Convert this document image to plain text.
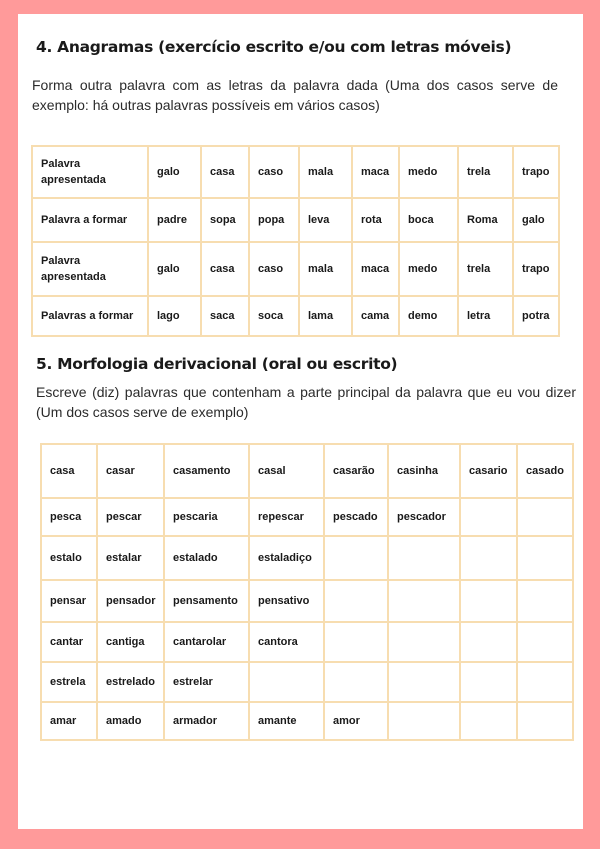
4. Anagramas (exercício escrito e/ou com letras móveis)

Forma outra palavra com as letras da palavra dada (Uma dos casos serve de exemplo: há outras palavras possíveis em vários casos)

Palavra apresentada	galo	casa	caso	mala	maca	medo	trela	trapo
Palavra a formar	padre	sopa	popa	leva	rota	boca	Roma	galo
Palavra apresentada	galo	casa	caso	mala	maca	medo	trela	trapo
Palavras a formar	lago	saca	soca	lama	cama	demo	letra	potra
5. Morfologia derivacional (oral ou escrito)

Escreve (diz) palavras que contenham a parte principal da palavra que eu vou dizer (Um dos casos serve de exemplo)

casa	casar	casamento	casal	casarão	casinha	casario	casado
pesca	pescar	pescaria	repescar	pescado	pescador		
estalo	estalar	estalado	estaladiço				
pensar	pensador	pensamento	pensativo				
cantar	cantiga	cantarolar	cantora				
estrela	estrelado	estrelar					
amar	amado	armador	amante	amor			
